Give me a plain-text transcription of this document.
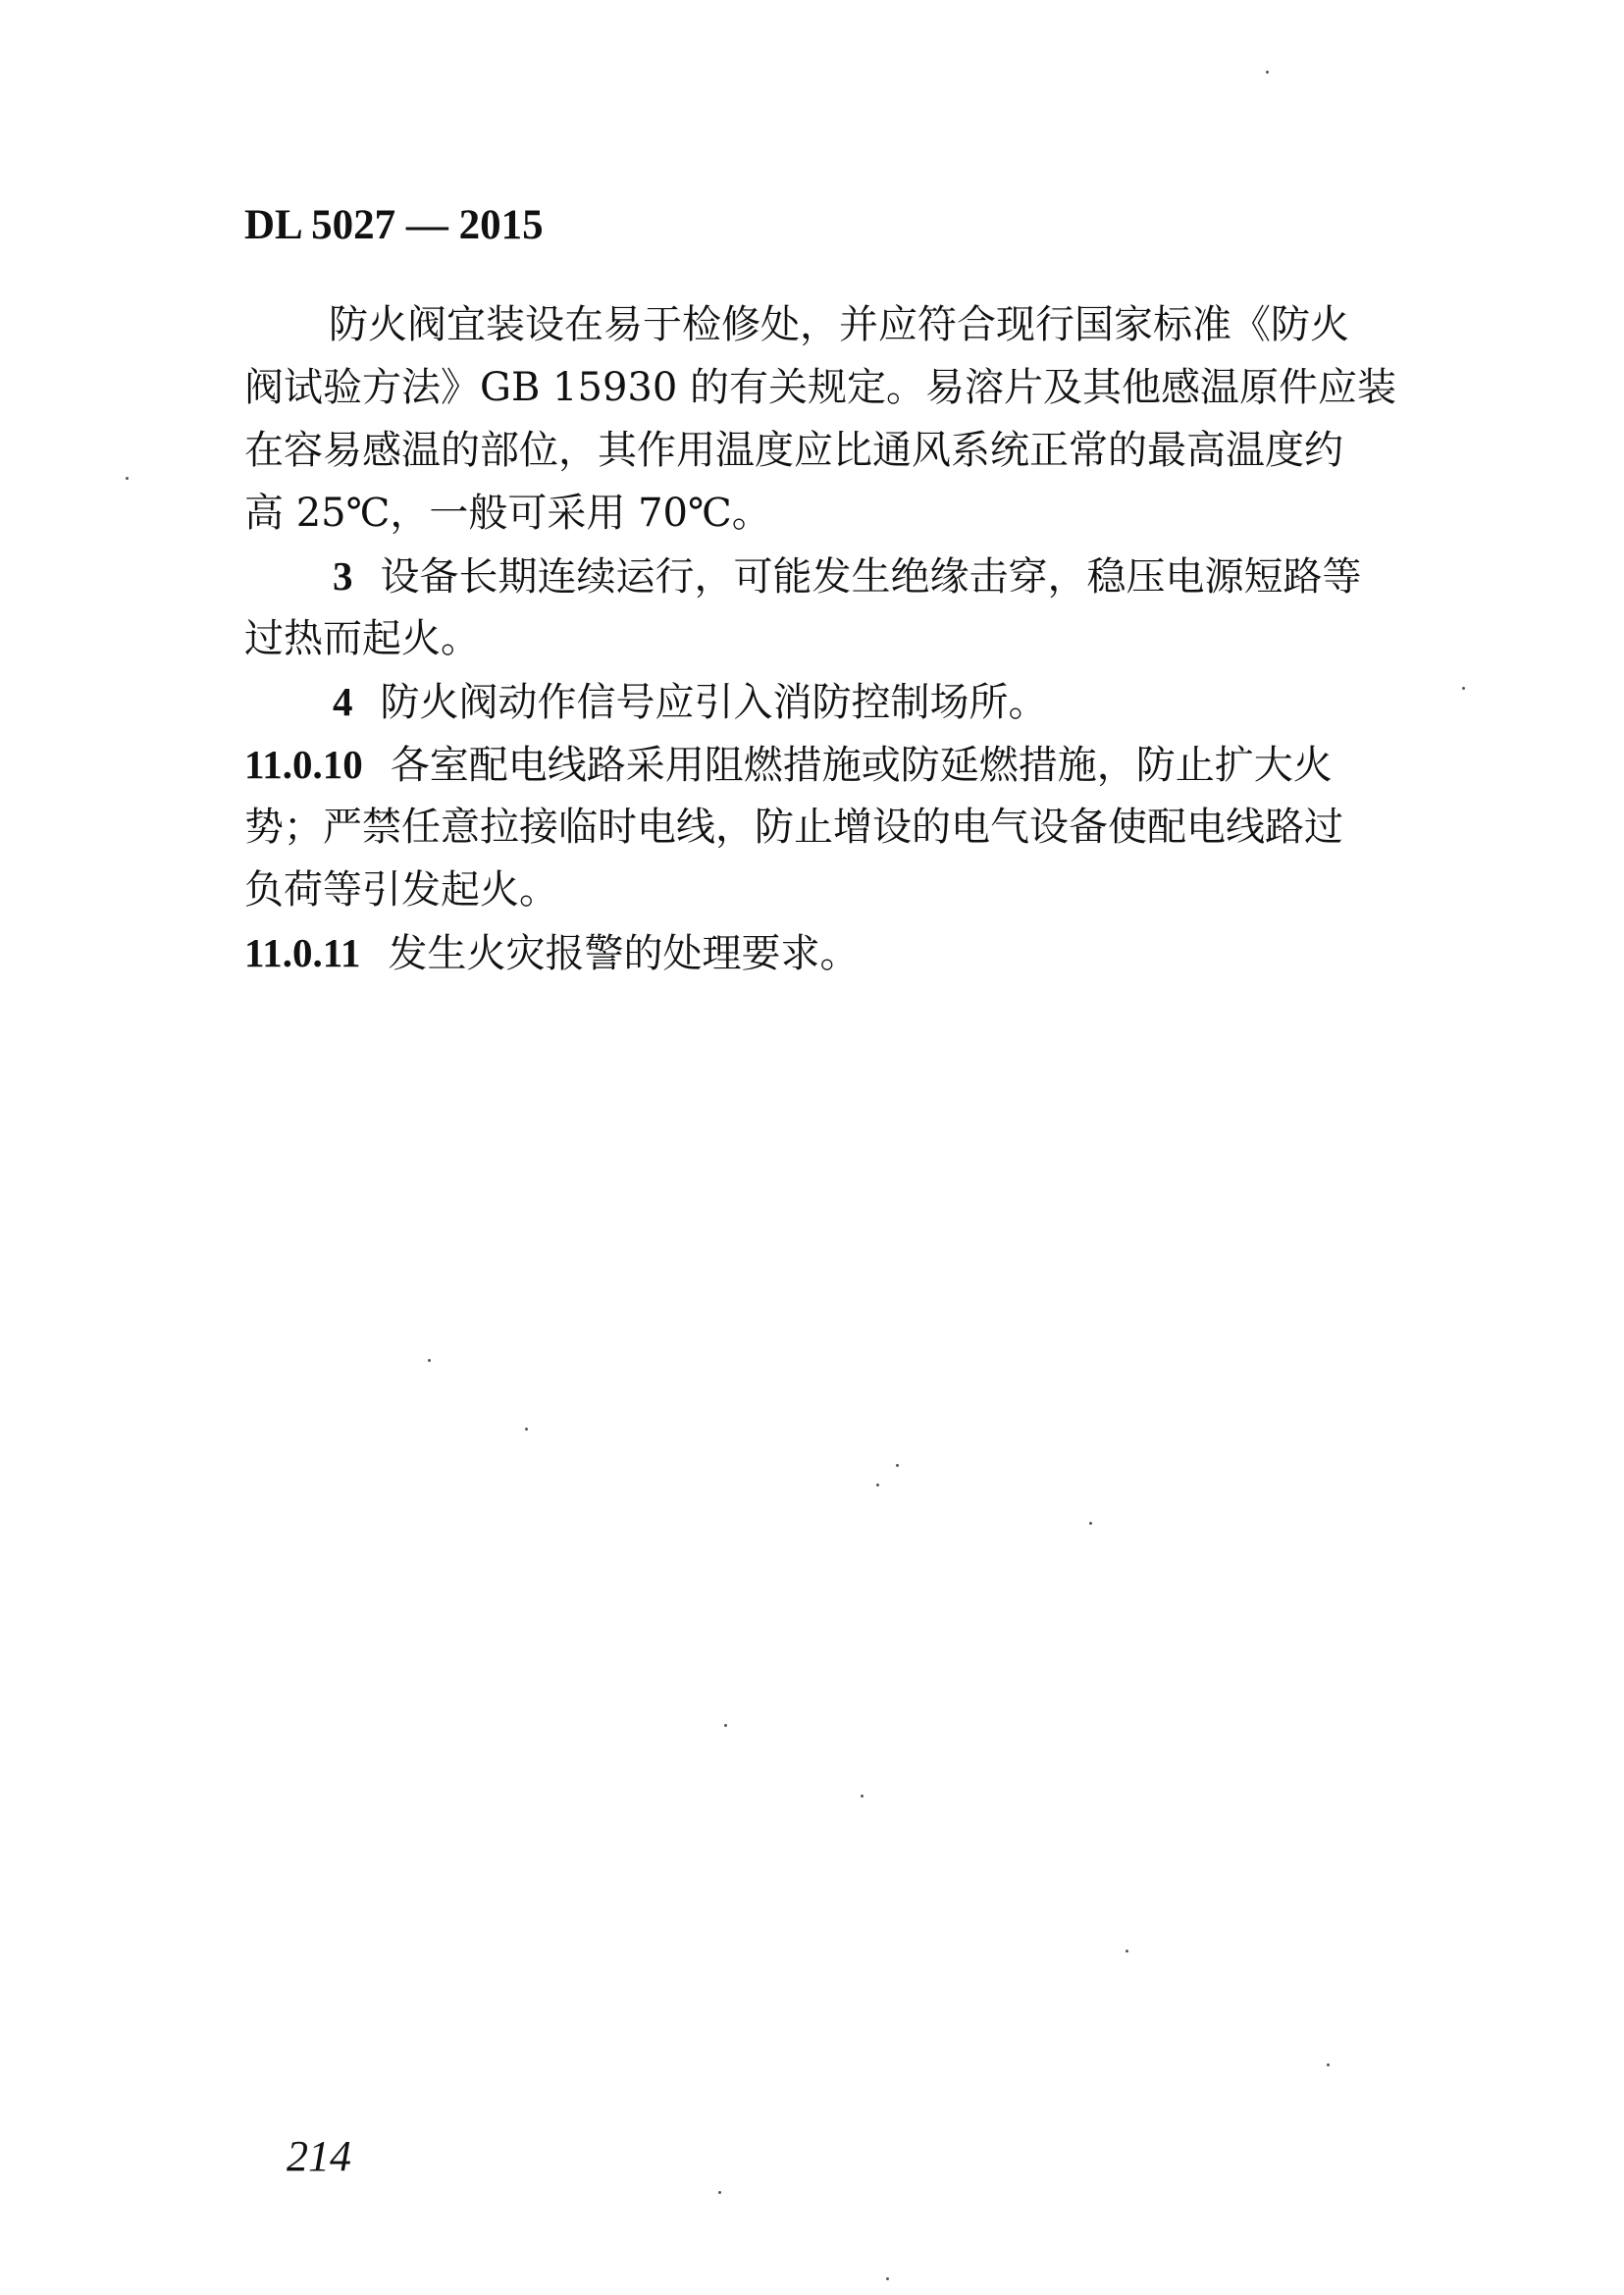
DL 5027 — 2015
防火阀宜装设在易于检修处，并应符合现行国家标准《防火
阀试验方法》GB 15930 的有关规定。易溶片及其他感温原件应装
在容易感温的部位，其作用温度应比通风系统正常的最高温度约
高 25℃，一般可采用 70℃。
3 设备长期连续运行，可能发生绝缘击穿，稳压电源短路等
过热而起火。
4 防火阀动作信号应引入消防控制场所。
11.0.10 各室配电线路采用阻燃措施或防延燃措施，防止扩大火
势；严禁任意拉接临时电线，防止增设的电气设备使配电线路过
负荷等引发起火。
11.0.11 发生火灾报警的处理要求。
214
